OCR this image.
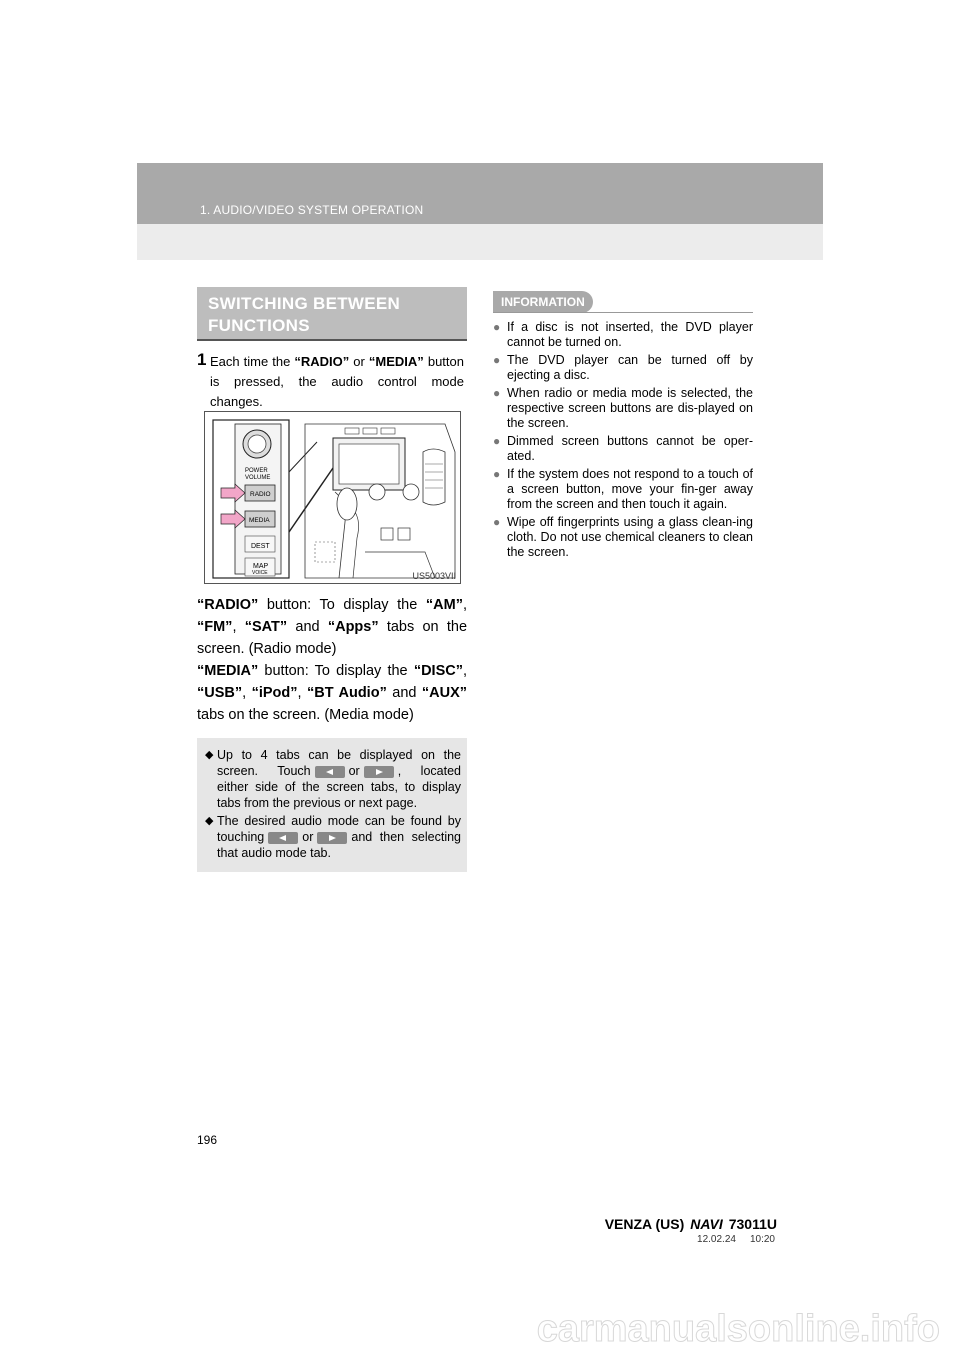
1. AUDIO/VIDEO SYSTEM OPERATION
SWITCHING BETWEEN FUNCTIONS
1 Each time the “RADIO” or “MEDIA” button is pressed, the audio control mode changes.
POWER
VOLUME
RADIO
MEDIA
DEST
MAP
VOICE	US5003VII
“RADIO” button: To display the “AM”, “FM”, “SAT” and “Apps” tabs on the screen. (Radio mode)
“MEDIA” button: To display the “DISC”, “USB”, “iPod”, “BT Audio” and “AUX” tabs on the screen. (Media mode)
◆ Up to 4 tabs can be displayed on the screen. Touch	or	, located either side of the screen tabs, to display tabs from the previous or next page.
◆ The desired audio mode can be found by touching	or	and then selecting that audio mode tab.
INFORMATION
● If a disc is not inserted, the DVD player cannot be turned on.
● The DVD player can be turned off by ejecting a disc.
● When radio or media mode is selected, the respective screen buttons are dis-played on the screen.
● Dimmed screen buttons cannot be oper-ated.
● If the system does not respond to a touch of a screen button, move your fin-ger away from the screen and then touch it again.
● Wipe off fingerprints using a glass clean-ing cloth. Do not use chemical cleaners to clean the screen.
196
VENZA (US) NAVI 73011U
12.02.24 10:20
carmanualsonline.info
